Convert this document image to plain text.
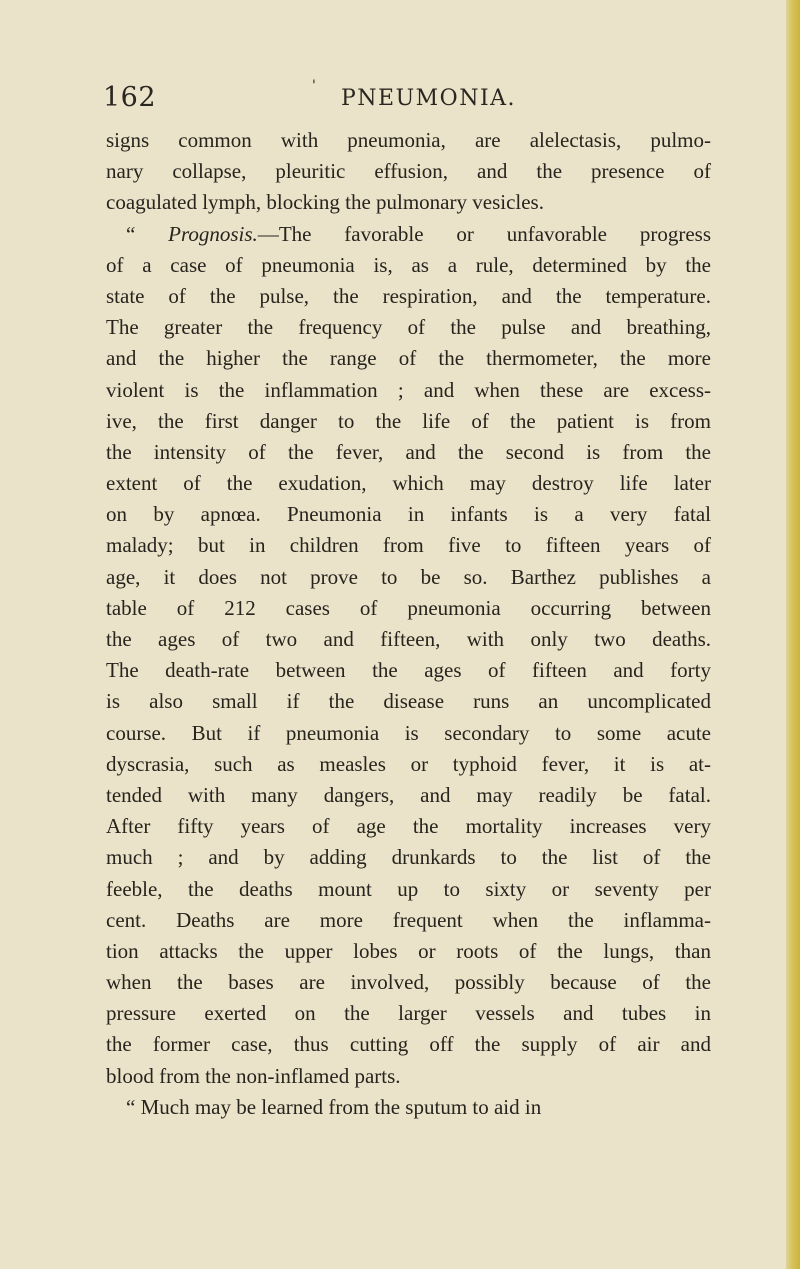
162	' PNEUMONIA.
signs common with pneumonia, are alelectasis, pulmo-
nary collapse, pleuritic effusion, and the presence of
coagulated lymph, blocking the pulmonary vesicles.
“ Prognosis.—The favorable or unfavorable progress
of a case of pneumonia is, as a rule, determined by the
state of the pulse, the respiration, and the temperature.
The greater the frequency of the pulse and breathing,
and the higher the range of the thermometer, the more
violent is the inflammation ; and when these are excess-
ive, the first danger to the life of the patient is from
the intensity of the fever, and the second is from the
extent of the exudation, which may destroy life later
on by apnœa. Pneumonia in infants is a very fatal
malady; but in children from five to fifteen years of
age, it does not prove to be so. Barthez publishes a
table of 212 cases of pneumonia occurring between
the ages of two and fifteen, with only two deaths.
The death-rate between the ages of fifteen and forty
is also small if the disease runs an uncomplicated
course. But if pneumonia is secondary to some acute
dyscrasia, such as measles or typhoid fever, it is at-
tended with many dangers, and may readily be fatal.
After fifty years of age the mortality increases very
much ; and by adding drunkards to the list of the
feeble, the deaths mount up to sixty or seventy per
cent. Deaths are more frequent when the inflamma-
tion attacks the upper lobes or roots of the lungs, than
when the bases are involved, possibly because of the
pressure exerted on the larger vessels and tubes in
the former case, thus cutting off the supply of air and
blood from the non-inflamed parts.
“ Much may be learned from the sputum to aid in
